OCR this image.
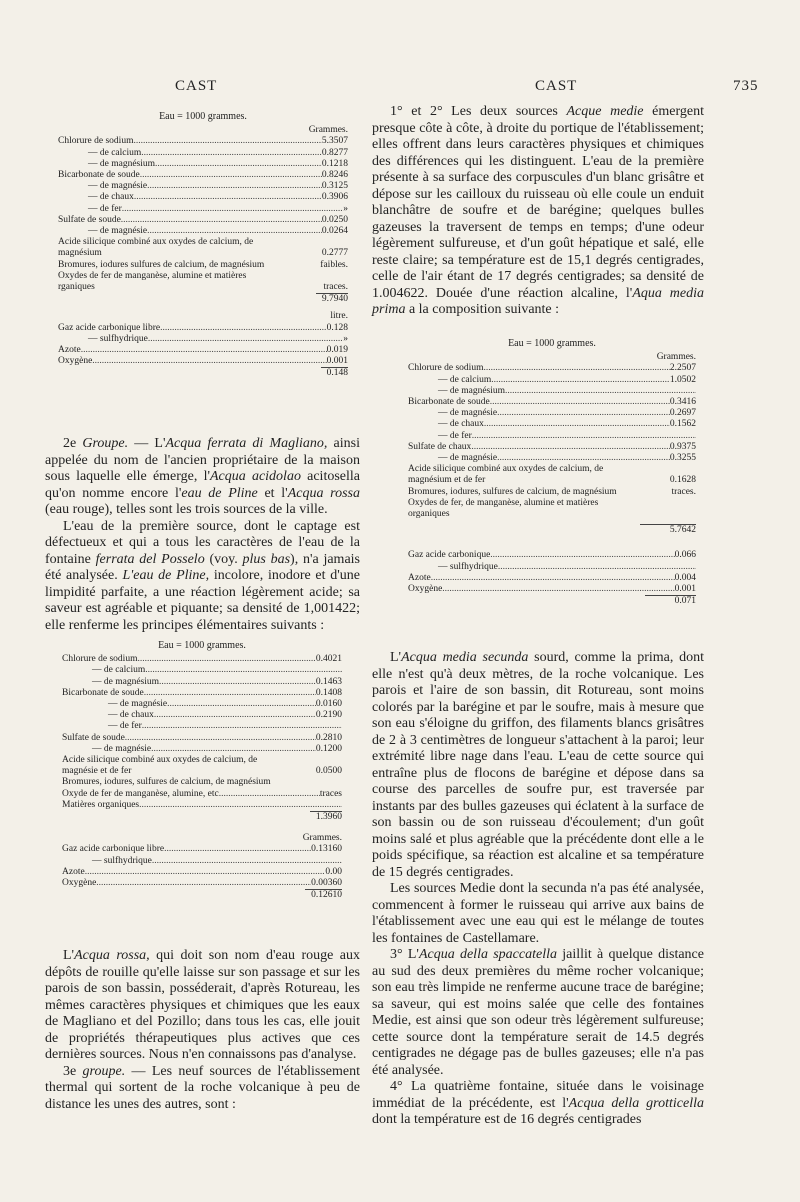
CAST	CAST	735
Eau = 1000 grammes.
Grammes.
Chlorure de sodium .....	5.3507
— de calcium .....	0.8277
— de magnésium .....	0.1218
Bicarbonate de soude .....	0.8246
— de magnésie .....	0.3125
— de chaux .....	0.3906
— de fer .....	»
Sulfate de soude .....	0.0250
— de magnésie .....	0.0264
Acide silicique combiné aux oxydes de calcium, de magnésium	0.2777
Bromures, iodures sulfures de calcium, de magnésium	faibles.
Oxydes de fer de manganèse, alumine et matières rganiques	traces.
9.7940
litre.
Gaz acide carbonique libre .....	0.128
— sulfhydrique .....	»
Azote .....	0.019
Oxygène .....	0.001
0.148

2e Groupe. — L'Acqua ferrata di Magliano, ainsi appelée du nom de l'ancien propriétaire de la maison sous laquelle elle émerge, l'Acqua acidolao acitosella qu'on nomme encore l'eau de Pline et l'Acqua rossa (eau rouge), telles sont les trois sources de la ville.

L'eau de la première source, dont le captage est défectueux et qui a tous les caractères de l'eau de la fontaine ferrata del Posselo (voy. plus bas), n'a jamais été analysée. L'eau de Pline, incolore, inodore et d'une limpidité parfaite, a une réaction légèrement acide; sa saveur est agréable et piquante; sa densité de 1,001422; elle renferme les principes élémentaires suivants :

Eau = 1000 grammes.
Chlorure de sodium .....	0.4021
— de calcium
.....
— de magnésium .....	0.1463
Bicarbonate de soude .....	0.1408
— de magnésie .....	0.0160
— de chaux .....	0.2190
— de fer
.....
Sulfate de soude .....	0.2810
— de magnésie .....	0.1200
Acide silicique combiné aux oxydes de calcium, de magnésie et de fer	0.0500
Bromures, iodures, sulfures de calcium, de magnésium
Oxyde de fer de manganèse, alumine, etc .....	traces
Matières organiques
.....
1.3960
Grammes.
Gaz acide carbonique libre .....	0.13160
— sulfhydrique
.....
Azote .....	0.00
Oxygène .....	0.00360
0.12610

L'Acqua rossa, qui doit son nom d'eau rouge aux dépôts de rouille qu'elle laisse sur son passage et sur les parois de son bassin, posséderait, d'après Rotureau, les mêmes caractères physiques et chimiques que les eaux de Magliano et del Pozillo; dans tous les cas, elle jouit de propriétés thérapeutiques plus actives que ces dernières sources. Nous n'en connaissons pas d'analyse.

3e groupe. — Les neuf sources de l'établissement thermal qui sortent de la roche volcanique à peu de distance les unes des autres, sont :

1° et 2° Les deux sources Acque medie émergent presque côte à côte, à droite du portique de l'établissement; elles offrent dans leurs caractères physiques et chimiques des différences qui les distinguent. L'eau de la première présente à sa surface des corpuscules d'un blanc grisâtre et dépose sur les cailloux du ruisseau où elle coule un enduit blanchâtre de soufre et de barégine; quelques bulles gazeuses la traversent de temps en temps; d'une odeur légèrement sulfureuse, et d'un goût hépatique et salé, elle reste claire; sa température est de 15,1 degrés centigrades, celle de l'air étant de 17 degrés centigrades; sa densité de 1.004622. Douée d'une réaction alcaline, l'Aqua media prima a la composition suivante :

Eau = 1000 grammes.
Grammes.
Chlorure de sodium .....	2.2507
— de calcium .....	1.0502
— de magnésium
.....
Bicarbonate de soude .....	0.3416
— de magnésie .....	0.2697
— de chaux .....	0.1562
— de fer
.....
Sulfate de chaux .....	0.9375
— de magnésie .....	0.3255
Acide silicique combiné aux oxydes de calcium, de magnésium et de fer	0.1628
Bromures, iodures, sulfures de calcium, de magnésium	traces.
Oxydes de fer, de manganèse, alumine et matières organiques
5.7642
Gaz acide carbonique .....	0.066
— sulfhydrique
.....
Azote .....	0.004
Oxygène .....	0.001
0.071

L'Acqua media secunda sourd, comme la prima, dont elle n'est qu'à deux mètres, de la roche volcanique. Les parois et l'aire de son bassin, dit Rotureau, sont moins colorés par la barégine et par le soufre, mais à mesure que son eau s'éloigne du griffon, des filaments blancs grisâtres de 2 à 3 centimètres de longueur s'attachent à la paroi; leur extrémité libre nage dans l'eau. L'eau de cette source qui entraîne plus de flocons de barégine et dépose dans sa course des parcelles de soufre pur, est traversée par instants par des bulles gazeuses qui éclatent à la surface de son bassin ou de son ruisseau d'écoulement; d'un goût moins salé et plus agréable que la précédente dont elle a le poids spécifique, sa réaction est alcaline et sa température de 15 degrés centigrades.

Les sources Medie dont la secunda n'a pas été analysée, commencent à former le ruisseau qui arrive aux bains de l'établissement avec une eau qui est le mélange de toutes les fontaines de Castellamare.

3° L'Acqua della spaccatella jaillit à quelque distance au sud des deux premières du même rocher volcanique; son eau très limpide ne renferme aucune trace de barégine; sa saveur, qui est moins salée que celle des fontaines Medie, est ainsi que son odeur très légèrement sulfureuse; cette source dont la température serait de 14.5 degrés centigrades ne dégage pas de bulles gazeuses; elle n'a pas été analysée.

4° La quatrième fontaine, située dans le voisinage immédiat de la précédente, est l'Acqua della grotticella dont la température est de 16 degrés centigrades
